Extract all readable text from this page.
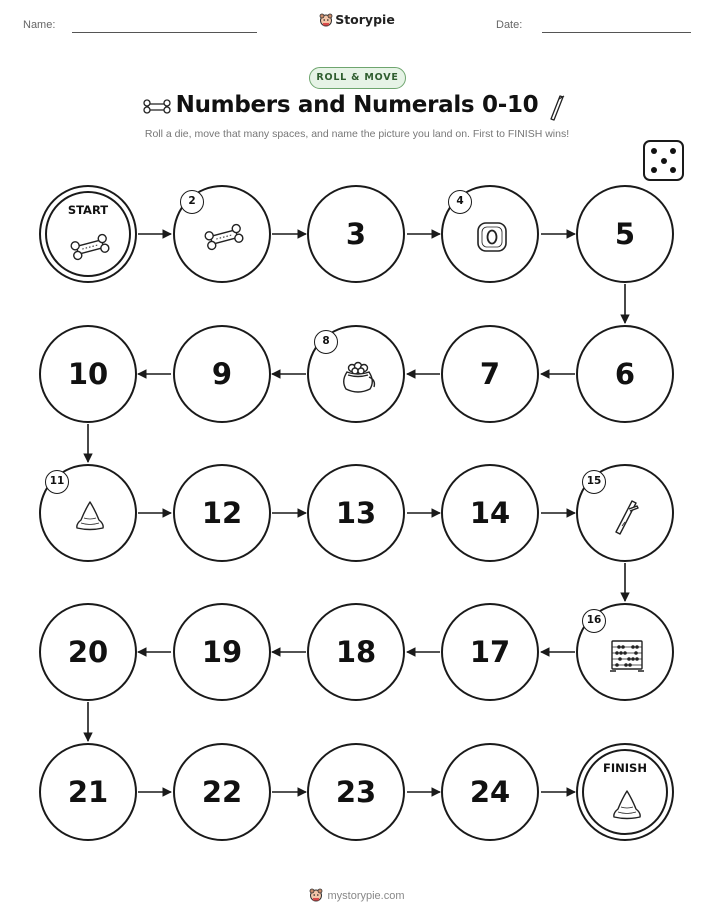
Name:	Storypie	Date:
ROLL & MOVE
Numbers and Numerals 0-10
Roll a die, move that many spaces, and name the picture you land on. First to FINISH wins!
START
2
3
4
5
6
7
8
9
10
11
12	13	14
15
16
17
18
19
20
21	22	23	24
FINISH
mystorypie.com
